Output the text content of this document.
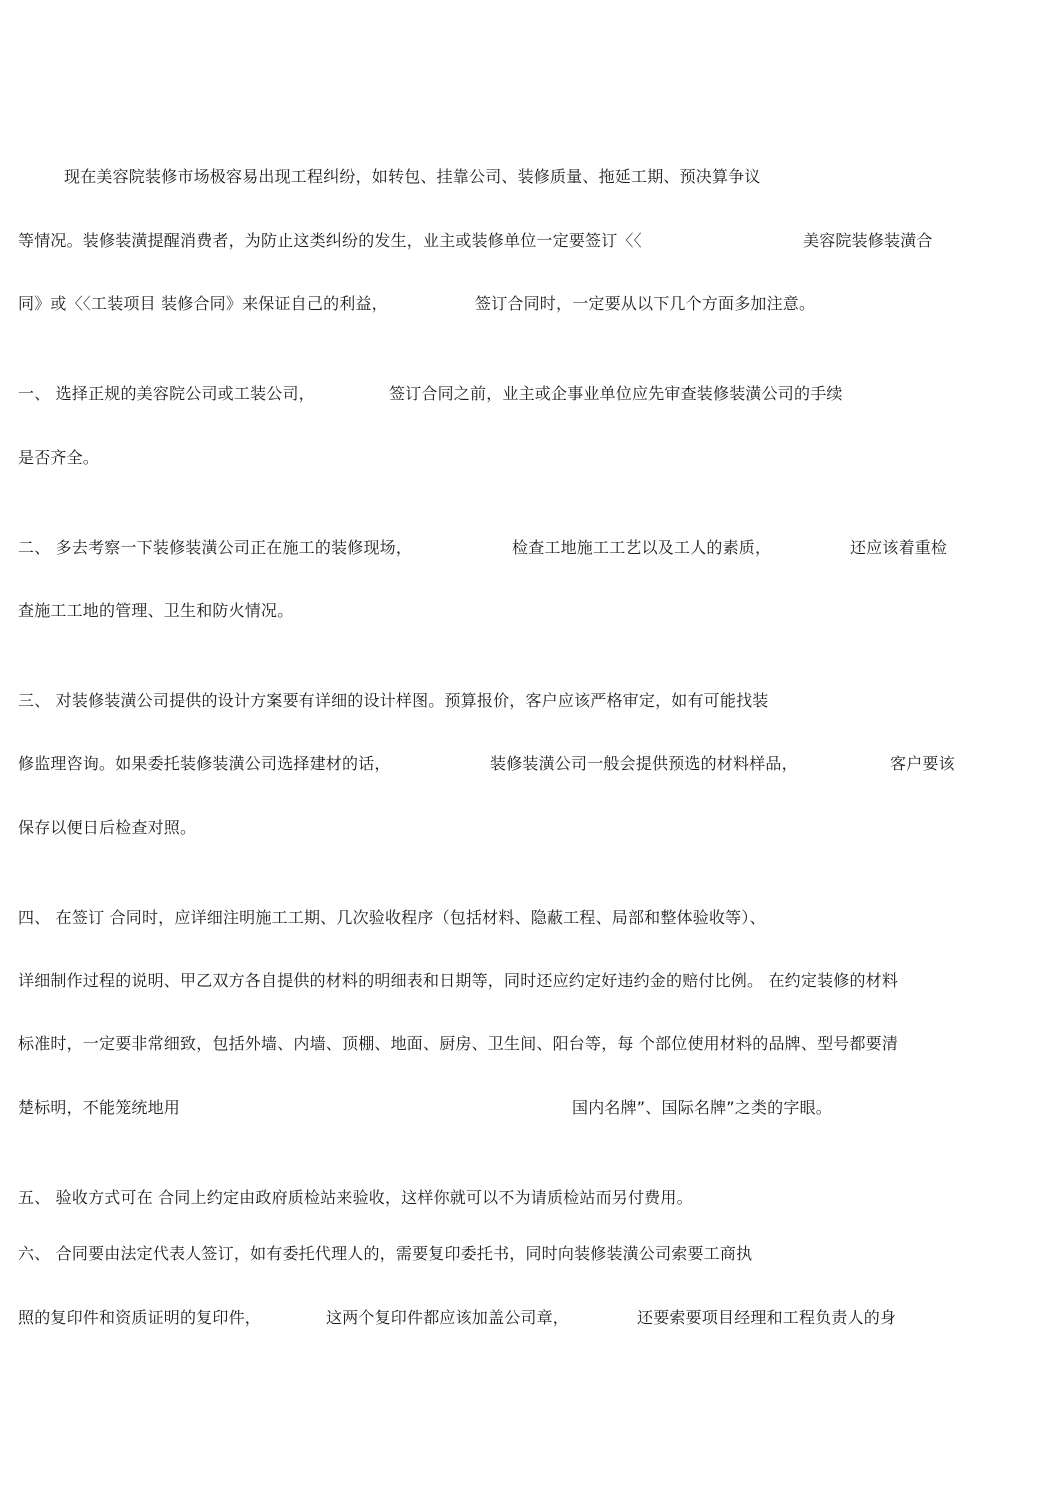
现在美容院装修市场极容易出现工程纠纷，如转包、挂靠公司、装修质量、拖延工期、预决算争议
等情况。装修装潢提醒消费者，为防止这类纠纷的发生，业主或装修单位一定要签订〈〈	美容院装修装潢合
同》或〈〈工装项目 装修合同》来保证自己的利益，	签订合同时，一定要从以下几个方面多加注意。
一、 选择正规的美容院公司或工装公司，	签订合同之前，业主或企事业单位应先审查装修装潢公司的手续
是否齐全。
二、 多去考察一下装修装潢公司正在施工的装修现场，	检查工地施工工艺以及工人的素质，	还应该着重检
查施工工地的管理、卫生和防火情况。
三、 对装修装潢公司提供的设计方案要有详细的设计样图。预算报价，客户应该严格审定，如有可能找装
修监理咨询。如果委托装修装潢公司选择建材的话，	装修装潢公司一般会提供预选的材料样品，	客户要该
保存以便日后检查对照。
四、 在签订 合同时，应详细注明施工工期、几次验收程序（包括材料、隐蔽工程、局部和整体验收等）、
详细制作过程的说明、甲乙双方各自提供的材料的明细表和日期等，同时还应约定好违约金的赔付比例。 在约定装修的材料
标准时，一定要非常细致，包括外墙、内墙、顶棚、地面、厨房、卫生间、阳台等，每 个部位使用材料的品牌、型号都要清
楚标明，不能笼统地用	国内名牌”、国际名牌”之类的字眼。
五、 验收方式可在 合同上约定由政府质检站来验收，这样你就可以不为请质检站而另付费用。
六、 合同要由法定代表人签订，如有委托代理人的，需要复印委托书，同时向装修装潢公司索要工商执
照的复印件和资质证明的复印件，	这两个复印件都应该加盖公司章，	还要索要项目经理和工程负责人的身
